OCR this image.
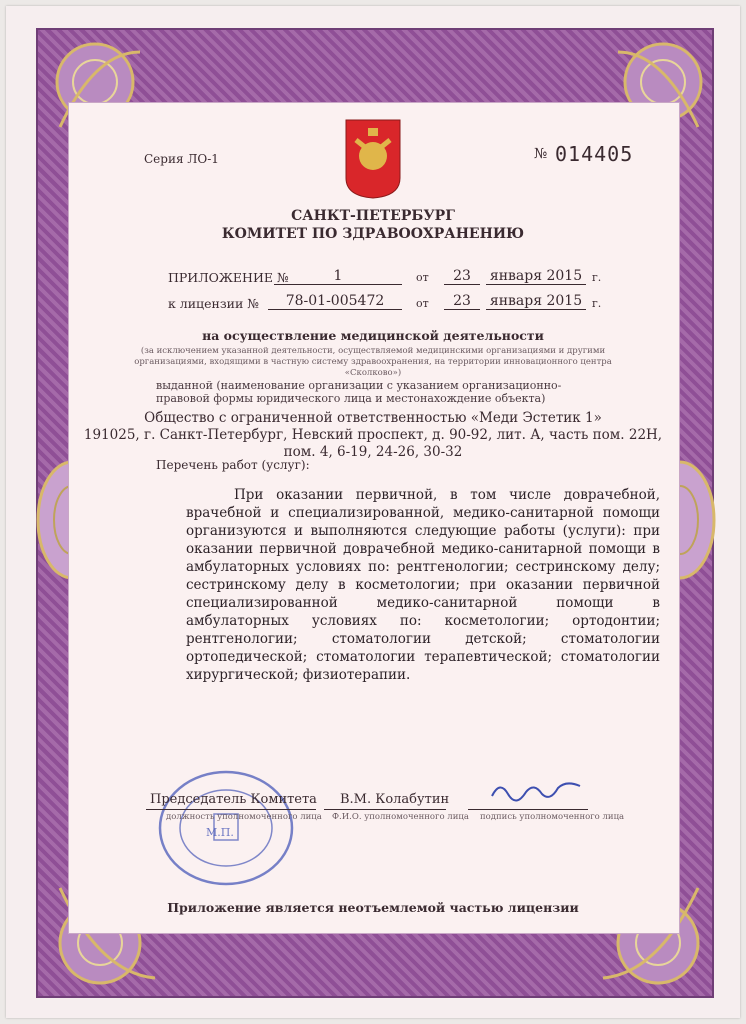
Серия ЛО-1	№ 014405
САНКТ-ПЕТЕРБУРГ
КОМИТЕТ ПО ЗДРАВООХРАНЕНИЮ
ПРИЛОЖЕНИЕ №	1	от	23	января 2015 г.
к лицензии №	78-01-005472	от	23	января 2015 г.
на осуществление медицинской деятельности
(за исключением указанной деятельности, осуществляемой медицинскими организациями и другими
организациями, входящими в частную систему здравоохранения, на территории инновационного центра
«Сколково»)
выданной (наименование организации с указанием организационно-
правовой формы юридического лица и местонахождение объекта)
Общество с ограниченной ответственностью «Меди Эстетик 1»
191025, г. Санкт-Петербург, Невский проспект, д. 90-92, лит. А, часть пом. 22Н,
пом. 4, 6-19, 24-26, 30-32
Перечень работ (услуг):
При оказании первичной, в том числе доврачебной, врачебной и специализированной, медико-санитарной помощи организуются и выполняются следующие работы (услуги): при оказании первичной доврачебной медико-санитарной помощи в амбулаторных условиях по: рентгенологии; сестринскому делу; сестринскому делу в косметологии; при оказании первичной специализированной медико-санитарной помощи в амбулаторных условиях по: косметологии; ортодонтии; рентгенологии; стоматологии детской; стоматологии ортопедической; стоматологии терапевтической; стоматологии хирургической; физиотерапии.
М.П.
Председатель Комитета В.М. Колабутин
должность уполномоченного лица Ф.И.О. уполномоченного лица подпись уполномоченного лица
Приложение является неотъемлемой частью лицензии
